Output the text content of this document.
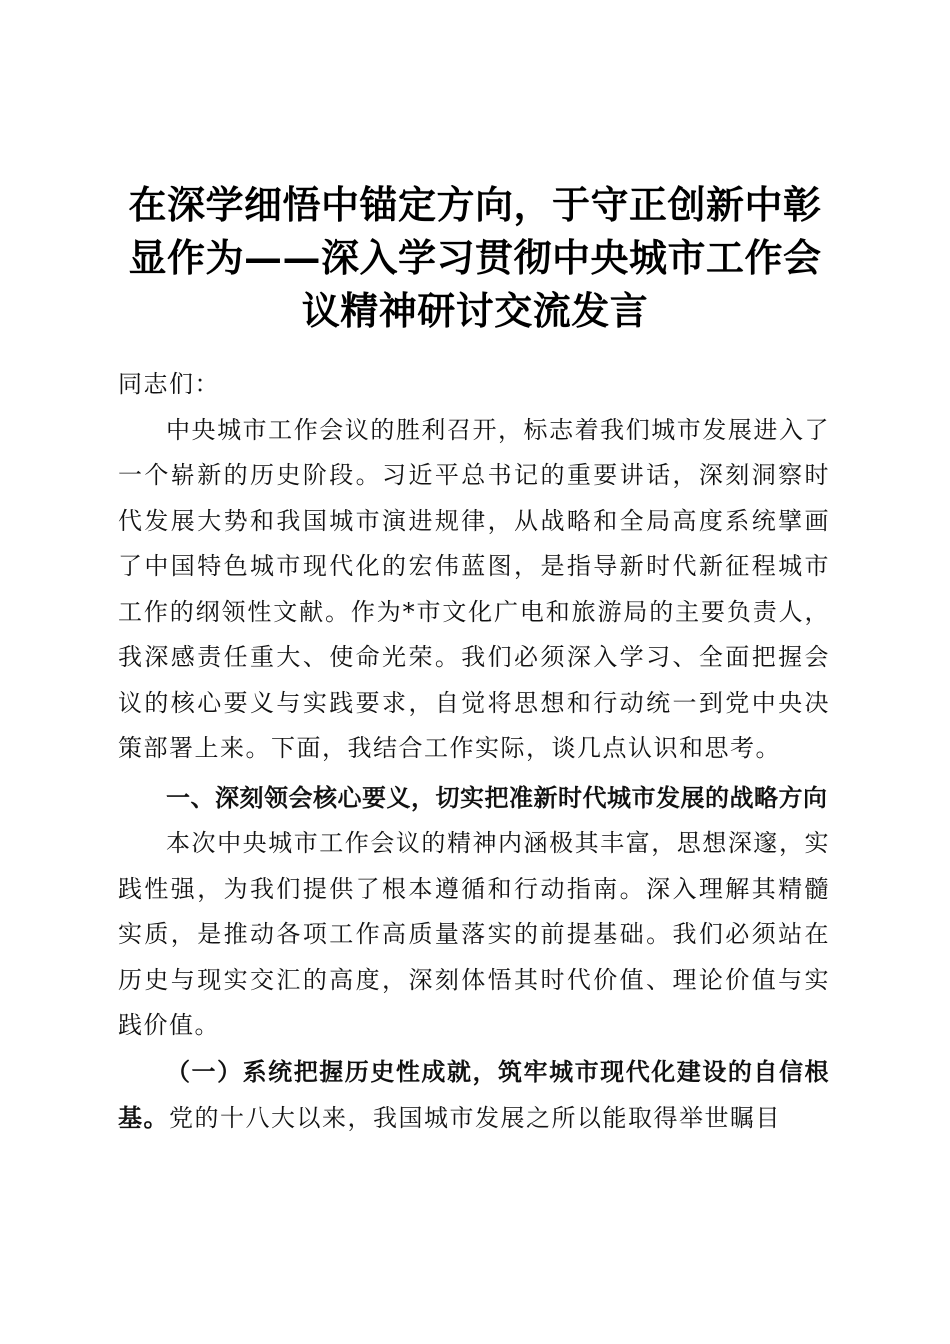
在深学细悟中锚定方向，于守正创新中彰显作为——深入学习贯彻中央城市工作会议精神研讨交流发言

同志们：

中央城市工作会议的胜利召开，标志着我们城市发展进入了一个崭新的历史阶段。习近平总书记的重要讲话，深刻洞察时代发展大势和我国城市演进规律，从战略和全局高度系统擘画了中国特色城市现代化的宏伟蓝图，是指导新时代新征程城市工作的纲领性文献。作为*市文化广电和旅游局的主要负责人，我深感责任重大、使命光荣。我们必须深入学习、全面把握会议的核心要义与实践要求，自觉将思想和行动统一到党中央决策部署上来。下面，我结合工作实际，谈几点认识和思考。

一、深刻领会核心要义，切实把准新时代城市发展的战略方向

本次中央城市工作会议的精神内涵极其丰富，思想深邃，实践性强，为我们提供了根本遵循和行动指南。深入理解其精髓实质，是推动各项工作高质量落实的前提基础。我们必须站在历史与现实交汇的高度，深刻体悟其时代价值、理论价值与实践价值。

（一）系统把握历史性成就，筑牢城市现代化建设的自信根基。党的十八大以来，我国城市发展之所以能取得举世瞩目
